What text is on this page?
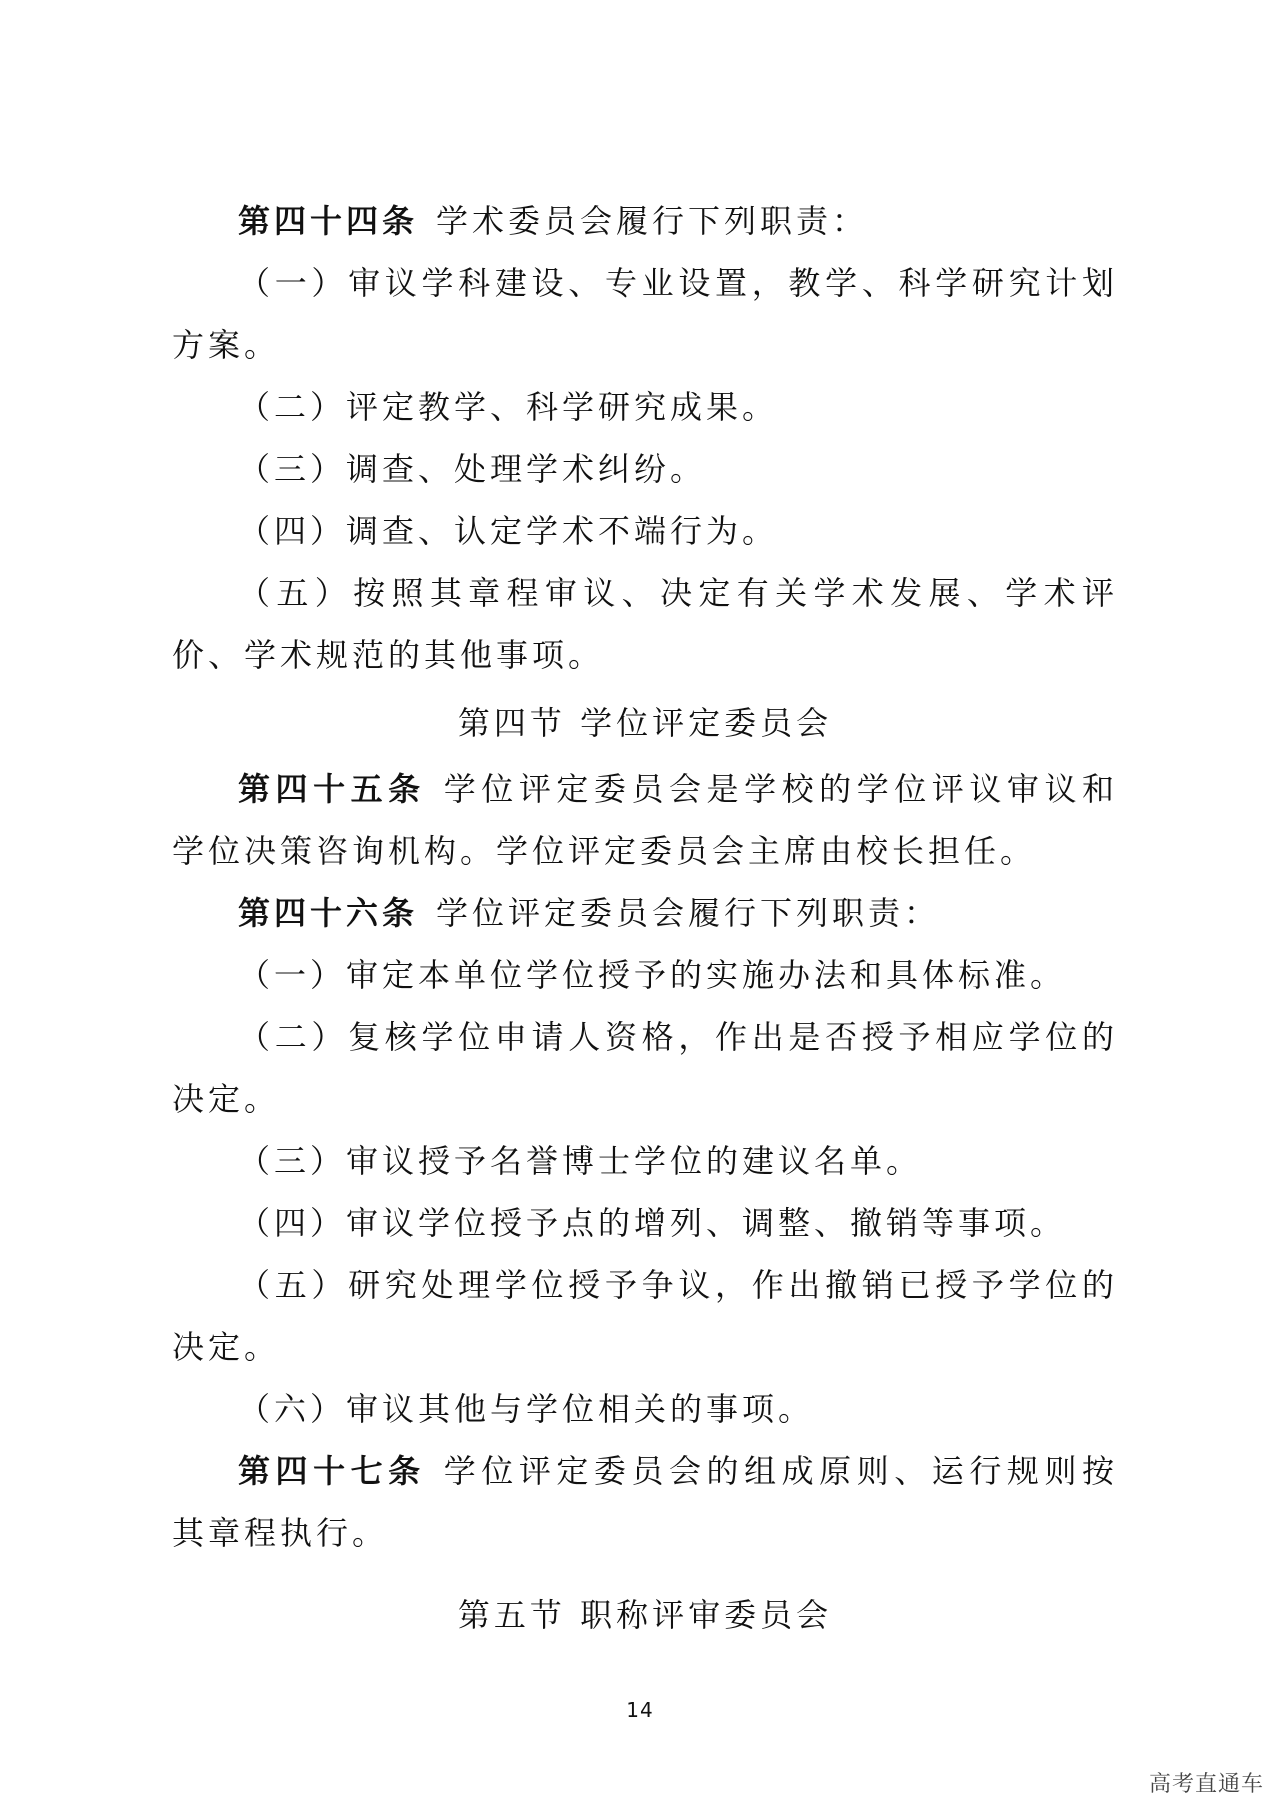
第四十四条 学术委员会履行下列职责：

（一）审议学科建设、专业设置，教学、科学研究计划方案。

（二）评定教学、科学研究成果。

（三）调查、处理学术纠纷。

（四）调查、认定学术不端行为。

（五）按照其章程审议、决定有关学术发展、学术评价、学术规范的其他事项。

第四节 学位评定委员会

第四十五条 学位评定委员会是学校的学位评议审议和学位决策咨询机构。学位评定委员会主席由校长担任。

第四十六条 学位评定委员会履行下列职责：

（一）审定本单位学位授予的实施办法和具体标准。

（二）复核学位申请人资格，作出是否授予相应学位的决定。

（三）审议授予名誉博士学位的建议名单。

（四）审议学位授予点的增列、调整、撤销等事项。

（五）研究处理学位授予争议，作出撤销已授予学位的决定。

（六）审议其他与学位相关的事项。

第四十七条 学位评定委员会的组成原则、运行规则按其章程执行。

第五节 职称评审委员会

14
高考直通车
